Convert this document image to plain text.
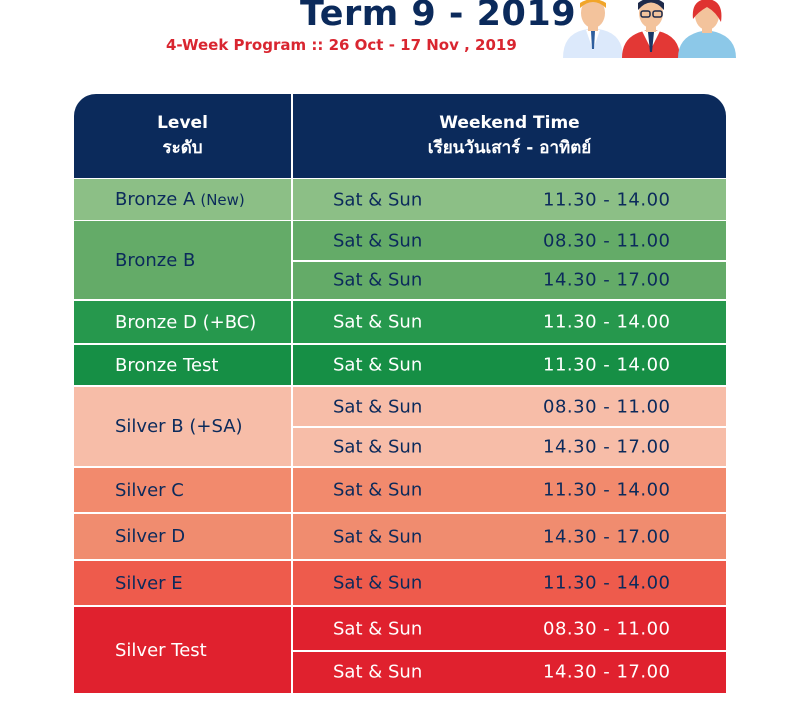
Term 9 - 2019
4-Week Program :: 26 Oct - 17 Nov , 2019
Level
ระดับ
Weekend Time
เรียนวันเสาร์ - อาทิตย์
Bronze A (New)	Sat & Sun	11.30 - 14.00
Bronze B
Sat & Sun	08.30 - 11.00
Sat & Sun	14.30 - 17.00
Bronze D (+BC)	Sat & Sun	11.30 - 14.00
Bronze Test	Sat & Sun	11.30 - 14.00
Silver B (+SA)
Sat & Sun	08.30 - 11.00
Sat & Sun	14.30 - 17.00
Silver C	Sat & Sun	11.30 - 14.00
Silver D	Sat & Sun	14.30 - 17.00
Silver E	Sat & Sun	11.30 - 14.00
Silver Test
Sat & Sun	08.30 - 11.00
Sat & Sun	14.30 - 17.00
